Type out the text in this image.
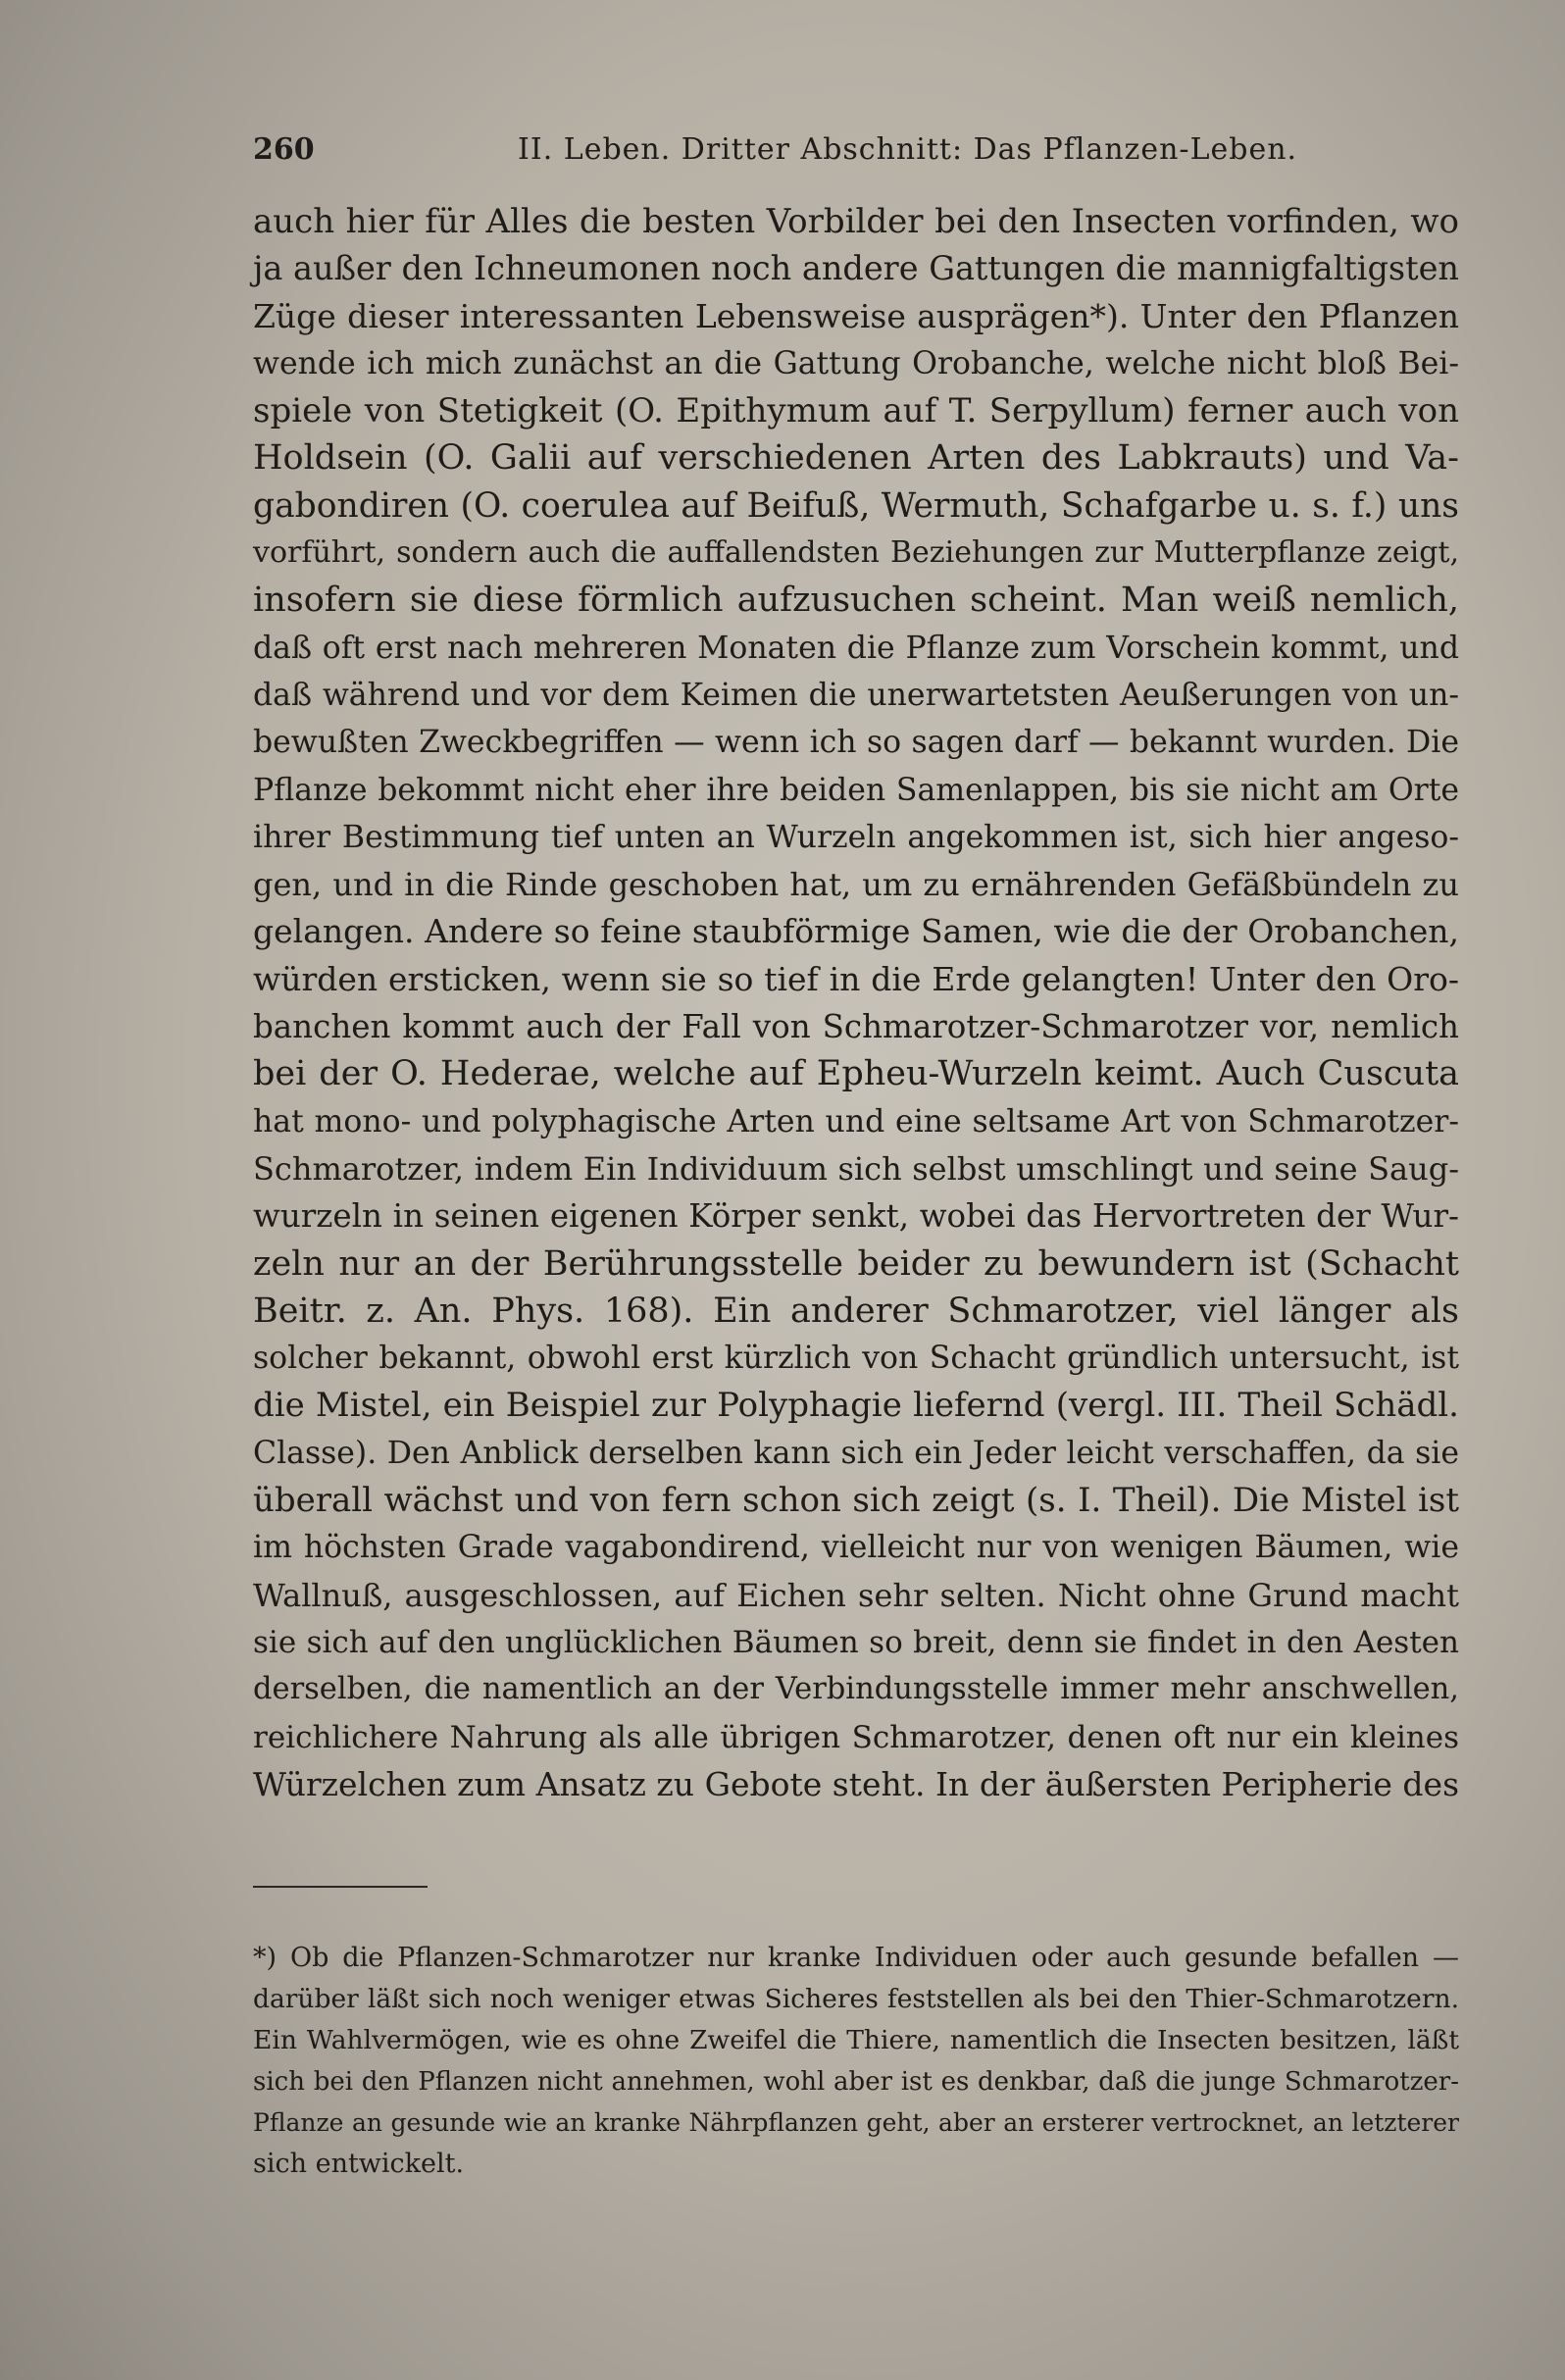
260	II. Leben. Dritter Abschnitt: Das Pflanzen-Leben.
auch hier für Alles die besten Vorbilder bei den Insecten vorfinden, wo
ja außer den Ichneumonen noch andere Gattungen die mannigfaltigsten
Züge dieser interessanten Lebensweise ausprägen*). Unter den Pflanzen
wende ich mich zunächst an die Gattung Orobanche, welche nicht bloß Bei-
spiele von Stetigkeit (O. Epithymum auf T. Serpyllum) ferner auch von
Holdsein (O. Galii auf verschiedenen Arten des Labkrauts) und Va-
gabondiren (O. coerulea auf Beifuß, Wermuth, Schafgarbe u. s. f.) uns
vorführt, sondern auch die auffallendsten Beziehungen zur Mutterpflanze zeigt,
insofern sie diese förmlich aufzusuchen scheint. Man weiß nemlich,
daß oft erst nach mehreren Monaten die Pflanze zum Vorschein kommt, und
daß während und vor dem Keimen die unerwartetsten Aeußerungen von un-
bewußten Zweckbegriffen — wenn ich so sagen darf — bekannt wurden. Die
Pflanze bekommt nicht eher ihre beiden Samenlappen, bis sie nicht am Orte
ihrer Bestimmung tief unten an Wurzeln angekommen ist, sich hier angeso-
gen, und in die Rinde geschoben hat, um zu ernährenden Gefäßbündeln zu
gelangen. Andere so feine staubförmige Samen, wie die der Orobanchen,
würden ersticken, wenn sie so tief in die Erde gelangten! Unter den Oro-
banchen kommt auch der Fall von Schmarotzer-Schmarotzer vor, nemlich
bei der O. Hederae, welche auf Epheu-Wurzeln keimt. Auch Cuscuta
hat mono- und polyphagische Arten und eine seltsame Art von Schmarotzer-
Schmarotzer, indem Ein Individuum sich selbst umschlingt und seine Saug-
wurzeln in seinen eigenen Körper senkt, wobei das Hervortreten der Wur-
zeln nur an der Berührungsstelle beider zu bewundern ist (Schacht
Beitr. z. An. Phys. 168). Ein anderer Schmarotzer, viel länger als
solcher bekannt, obwohl erst kürzlich von Schacht gründlich untersucht, ist
die Mistel, ein Beispiel zur Polyphagie liefernd (vergl. III. Theil Schädl.
Classe). Den Anblick derselben kann sich ein Jeder leicht verschaffen, da sie
überall wächst und von fern schon sich zeigt (s. I. Theil). Die Mistel ist
im höchsten Grade vagabondirend, vielleicht nur von wenigen Bäumen, wie
Wallnuß, ausgeschlossen, auf Eichen sehr selten. Nicht ohne Grund macht
sie sich auf den unglücklichen Bäumen so breit, denn sie findet in den Aesten
derselben, die namentlich an der Verbindungsstelle immer mehr anschwellen,
reichlichere Nahrung als alle übrigen Schmarotzer, denen oft nur ein kleines
Würzelchen zum Ansatz zu Gebote steht. In der äußersten Peripherie des
*) Ob die Pflanzen-Schmarotzer nur kranke Individuen oder auch gesunde befallen —
darüber läßt sich noch weniger etwas Sicheres feststellen als bei den Thier-Schmarotzern.
Ein Wahlvermögen, wie es ohne Zweifel die Thiere, namentlich die Insecten besitzen, läßt
sich bei den Pflanzen nicht annehmen, wohl aber ist es denkbar, daß die junge Schmarotzer-
Pflanze an gesunde wie an kranke Nährpflanzen geht, aber an ersterer vertrocknet, an letzterer
sich entwickelt.
